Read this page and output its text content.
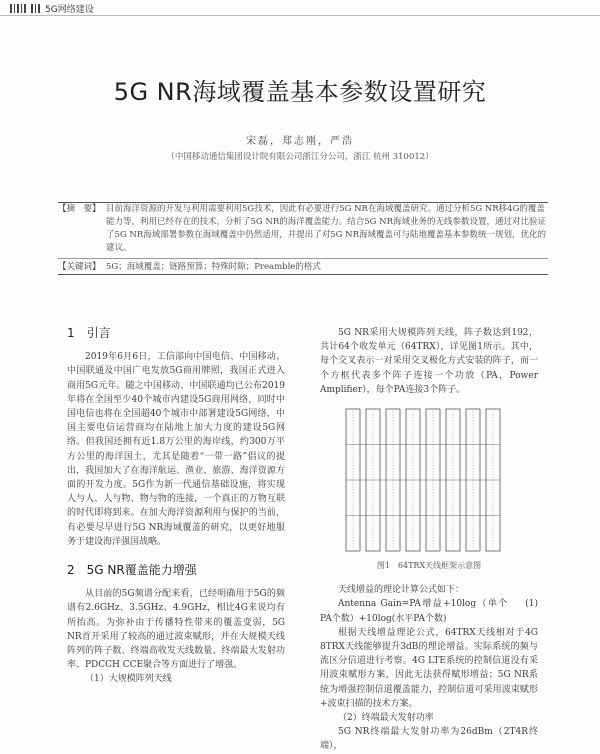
5G网络建设
5G NR海域覆盖基本参数设置研究
宋磊，郑志刚，严浩
（中国移动通信集团设计院有限公司浙江分公司，浙江 杭州 310012）
【摘　要】 目前海洋资源的开发与利用需要利用5G技术，因此有必要进行5G NR在海域覆盖研究。通过分析5G NR移4G的覆盖能力等，利用已经存在的技术，分析了5G NR的海洋覆盖能力。结合5G NR海域业务的无线参数设置，通过对比验证了5G NR海域部署参数在海域覆盖中仍然适用，并提出了对5G NR海域覆盖可与陆地覆盖基本参数统一规划，优化的建议。
【关键词】 5G；海域覆盖；链路预算；特殊时隙；Preamble的格式
1　引言

2019年6月6日，工信部向中国电信、中国移动、中国联通及中国广电发放5G商用牌照，我国正式进入商用5G元年。随之中国移动、中国联通均已公布2019年将在全国至少40个城市内建设5G商用网络，同时中国电信也将在全国超40个城市中部署建设5G网络，中国主要电信运营商均在陆地上加大力度的建设5G网络。但我国还拥有近1.8万公里的海岸线，约300万平方公里的海洋国土，尤其是随着“一带一路”倡议的提出，我国加大了在海洋航运、渔业、旅游、海洋资源方面的开发力度。5G作为新一代通信基础设施，将实现人与人、人与物、物与物的连接，一个真正的万物互联的时代即将到来。在加大海洋资源利用与保护的当前，有必要尽早进行5G NR海域覆盖的研究，以更好地服务于建设海洋强国战略。

2　5G NR覆盖能力增强

从目前的5G频谱分配来看，已经明确用于5G的频谱有2.6GHz、3.5GHz、4.9GHz，相比4G来说均有所抬高。为弥补由于传播特性带来的覆盖变弱，5G NR首开采用了较高的通过波束赋形，并在大规模天线阵列的阵子数、终端高收发天线数量、终端最大发射功率、PDCCH CCE聚合等方面进行了增强。

（1）大规模阵列天线

5G NR采用大规模阵列天线，阵子数达到192，共计64个收发单元（64TRX），详见图1所示。其中，每个交叉表示一对采用交叉极化方式安装的阵子，而一个方框代表多个阵子连接一个功放（PA，Power Amplifier），每个PA连接3个阵子。

图1　64TRX天线框架示意图

天线增益的理论计算公式如下：

Antenna Gain=PA增益+10log（单个PA个数）+10log(水平PA个数)
(1)

根据天线增益理论公式，64TRX天线相对于4G 8TRX天线能够提升3dB的理论增益。实际系统的频与流区分信道进行考察。4G LTE系统的控制信道没有采用波束赋形方案，因此无法获得赋形增益；5G NR系统为增强控制信道覆盖能力，控制信道可采用波束赋形+波束扫描的技术方案。

（2）终端最大发射功率

5G NR终端最大发射功率为26dBm（2T4R终端），
